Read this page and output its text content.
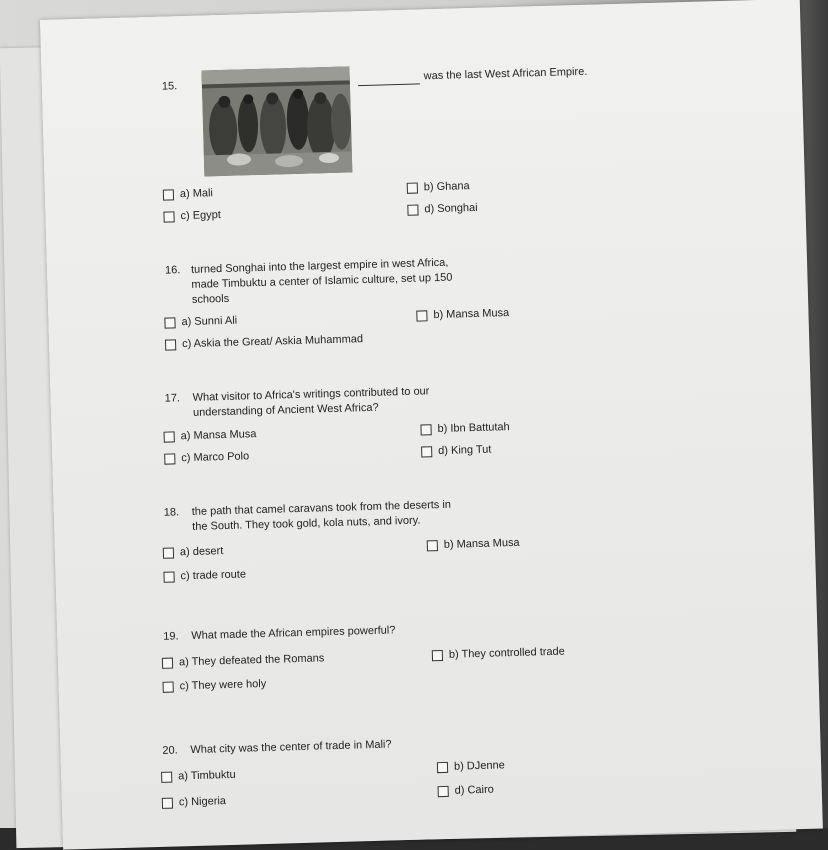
15.
was the last West African Empire.
a) Mali
b) Ghana
c) Egypt
d) Songhai
16. turned Songhai into the largest empire in west Africa,
made Timbuktu a center of Islamic culture, set up 150
schools
a) Sunni Ali
b) Mansa Musa
c) Askia the Great/ Askia Muhammad
17. What visitor to Africa's writings contributed to our
understanding of Ancient West Africa?
a) Mansa Musa
b) Ibn Battutah
c) Marco Polo
d) King Tut
18. the path that camel caravans took from the deserts in
the South. They took gold, kola nuts, and ivory.
a) desert
b) Mansa Musa
c) trade route
19. What made the African empires powerful?
a) They defeated the Romans	b) They controlled trade
c) They were holy
20. What city was the center of trade in Mali?
a) Timbuktu
b) DJenne
c) Nigeria
d) Cairo
